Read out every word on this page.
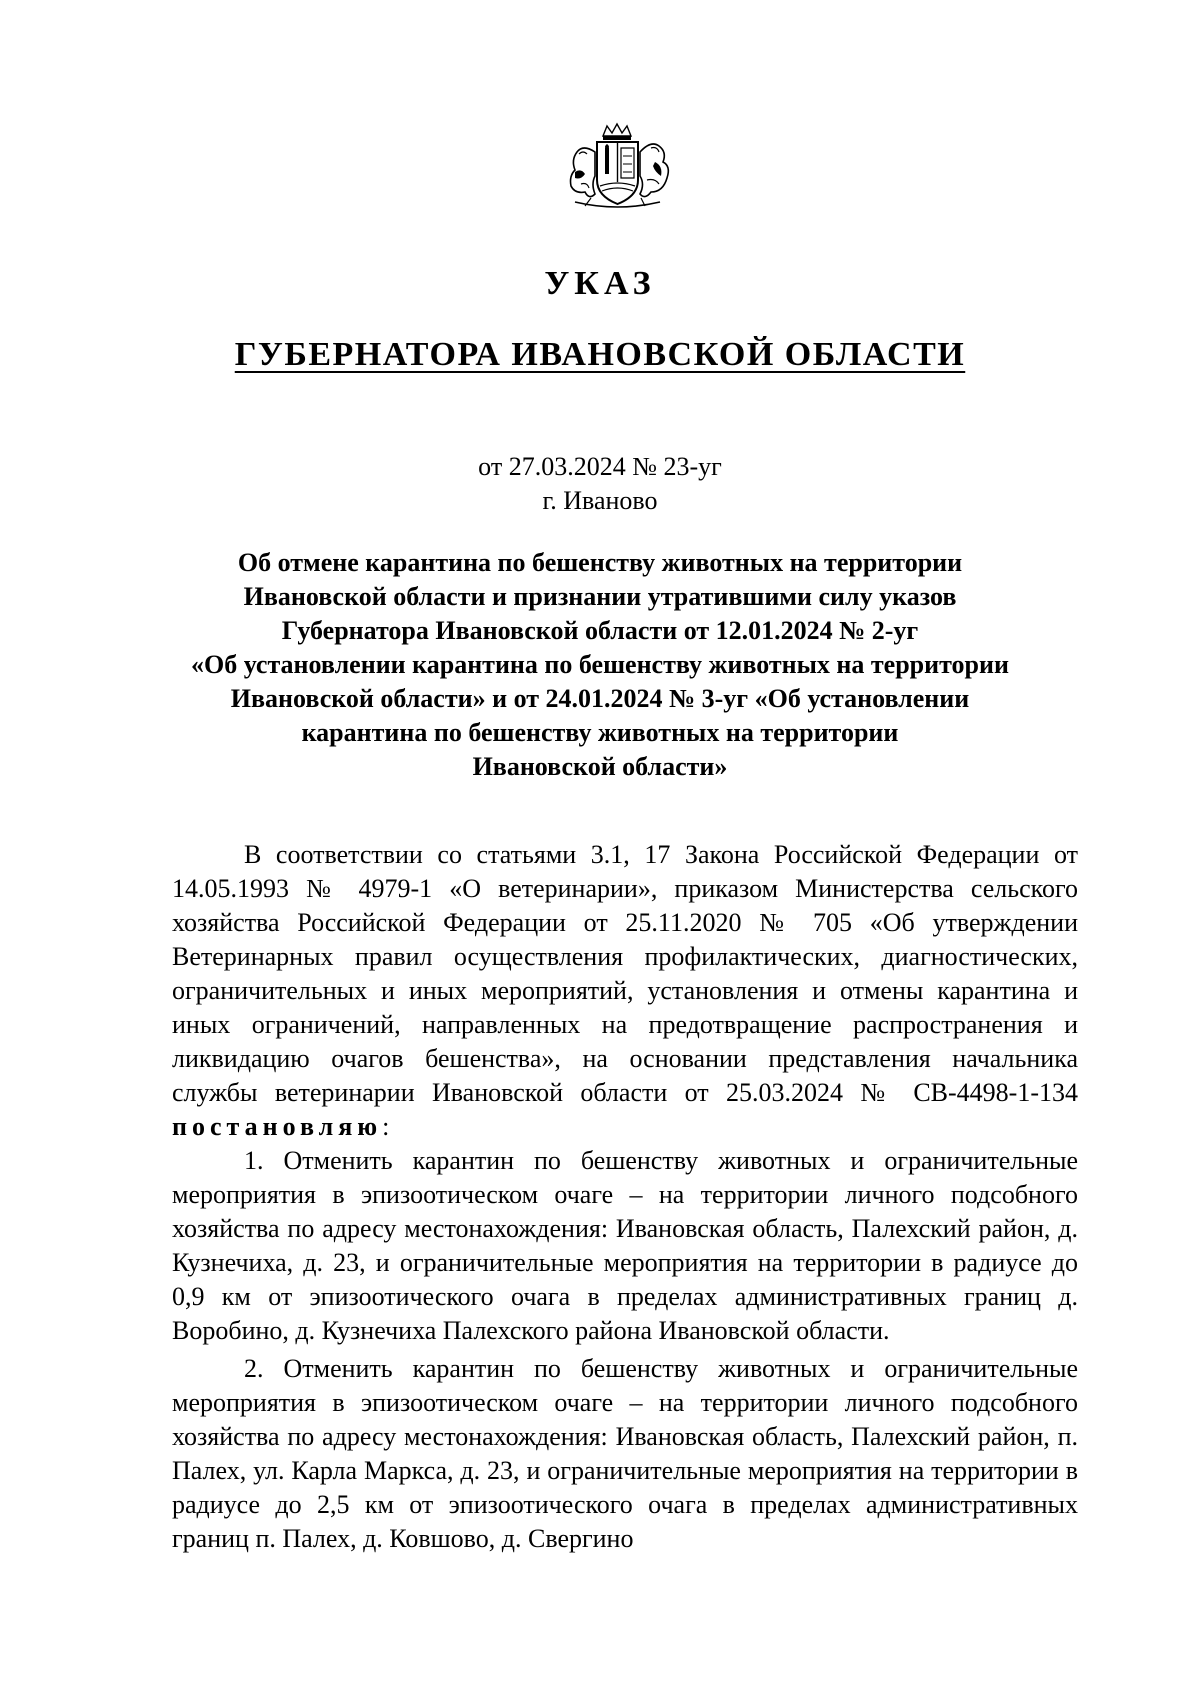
УКАЗ
ГУБЕРНАТОРА ИВАНОВСКОЙ ОБЛАСТИ
от 27.03.2024 № 23-уг
г. Иваново
Об отмене карантина по бешенству животных на территории
Ивановской области и признании утратившими силу указов
Губернатора Ивановской области от 12.01.2024 № 2-уг
«Об установлении карантина по бешенству животных на территории
Ивановской области» и от 24.01.2024 № 3-уг «Об установлении
карантина по бешенству животных на территории
Ивановской области»

В соответствии со статьями 3.1, 17 Закона Российской Федерации от 14.05.1993 № 4979-1 «О ветеринарии», приказом Министерства сельского хозяйства Российской Федерации от 25.11.2020 № 705 «Об утверждении Ветеринарных правил осуществления профилактических, диагностических, ограничительных и иных мероприятий, установления и отмены карантина и иных ограничений, направленных на предотвращение распространения и ликвидацию очагов бешенства», на основании представления начальника службы ветеринарии Ивановской области от 25.03.2024 № СВ-4498-1-134 постановляю:

1. Отменить карантин по бешенству животных и ограничительные мероприятия в эпизоотическом очаге – на территории личного подсобного хозяйства по адресу местонахождения: Ивановская область, Палехский район, д. Кузнечиха, д. 23, и ограничительные мероприятия на территории в радиусе до 0,9 км от эпизоотического очага в пределах административных границ д. Воробино, д. Кузнечиха Палехского района Ивановской области.

2. Отменить карантин по бешенству животных и ограничительные мероприятия в эпизоотическом очаге – на территории личного подсобного хозяйства по адресу местонахождения: Ивановская область, Палехский район, п. Палех, ул. Карла Маркса, д. 23, и ограничительные мероприятия на территории в радиусе до 2,5 км от эпизоотического очага в пределах административных границ п. Палех, д. Ковшово, д. Свергино
